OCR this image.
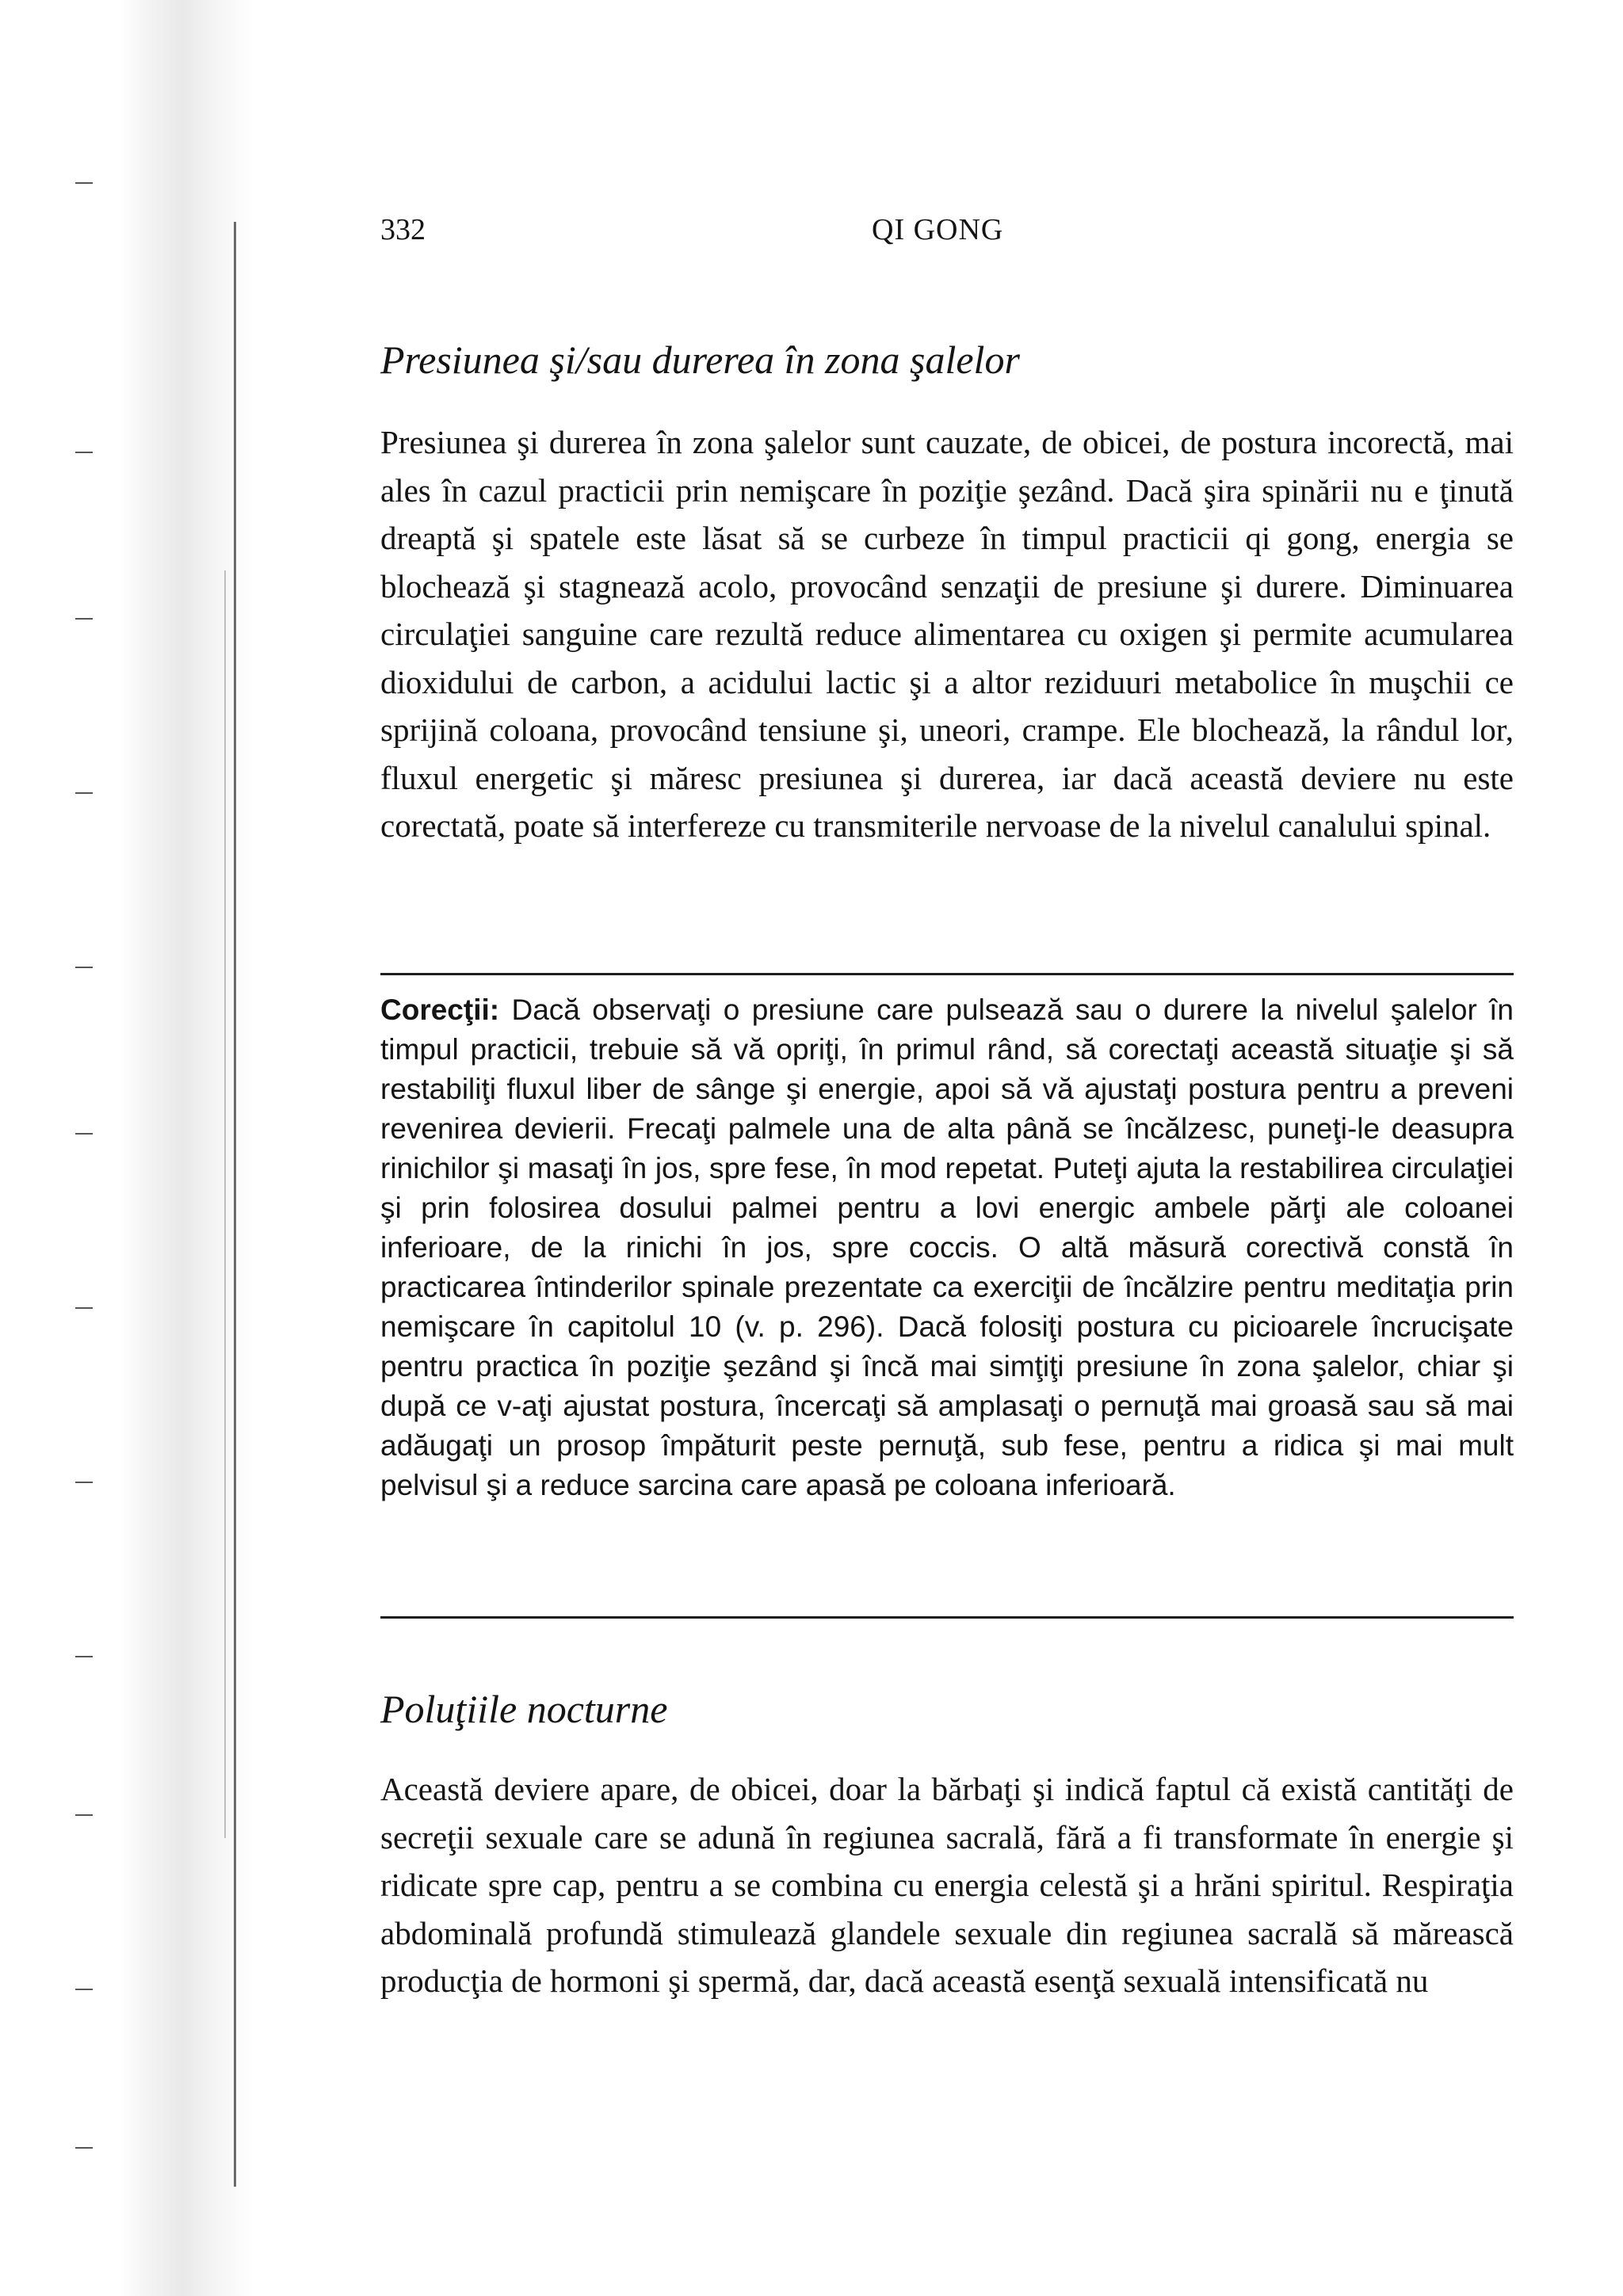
332	QI GONG
Presiunea şi/sau durerea în zona şalelor

Presiunea şi durerea în zona şalelor sunt cauzate, de obicei, de postura incorectă, mai ales în cazul practicii prin nemişcare în poziţie şezând. Dacă şira spinării nu e ţinută dreaptă şi spatele este lăsat să se curbeze în timpul practicii qi gong, energia se blochează şi stagnează acolo, provocând senzaţii de presiune şi durere. Diminuarea circulaţiei sanguine care rezultă reduce alimentarea cu oxigen şi permite acumularea dioxidului de carbon, a acidului lactic şi a altor reziduuri metabolice în muşchii ce sprijină coloana, provocând tensiune şi, uneori, crampe. Ele blochează, la rândul lor, fluxul energetic şi măresc presiunea şi durerea, iar dacă această deviere nu este corectată, poate să interfereze cu transmiterile nervoase de la nivelul canalului spinal.

Corecţii: Dacă observaţi o presiune care pulsează sau o durere la nivelul şalelor în timpul practicii, trebuie să vă opriţi, în primul rând, să corectaţi această situaţie şi să restabiliţi fluxul liber de sânge şi energie, apoi să vă ajustaţi postura pentru a preveni revenirea devierii. Frecaţi palmele una de alta până se încălzesc, puneţi-le deasupra rinichilor şi masaţi în jos, spre fese, în mod repetat. Puteţi ajuta la restabilirea circulaţiei şi prin folosirea dosului palmei pentru a lovi energic ambele părţi ale coloanei inferioare, de la rinichi în jos, spre coccis. O altă măsură corectivă constă în practicarea întinderilor spinale prezentate ca exerciţii de încălzire pentru meditaţia prin nemişcare în capitolul 10 (v. p. 296). Dacă folosiţi postura cu picioarele încrucişate pentru practica în poziţie şezând şi încă mai simţiţi presiune în zona şalelor, chiar şi după ce v-aţi ajustat postura, încercaţi să amplasaţi o pernuţă mai groasă sau să mai adăugaţi un prosop împăturit peste pernuţă, sub fese, pentru a ridica şi mai mult pelvisul şi a reduce sarcina care apasă pe coloana inferioară.

Poluţiile nocturne

Această deviere apare, de obicei, doar la bărbaţi şi indică faptul că există cantităţi de secreţii sexuale care se adună în regiunea sacrală, fără a fi transformate în energie şi ridicate spre cap, pentru a se combina cu energia celestă şi a hrăni spiritul. Respiraţia abdominală profundă stimulează glandele sexuale din regiunea sacrală să mărească producţia de hormoni şi spermă, dar, dacă această esenţă sexuală intensificată nu
